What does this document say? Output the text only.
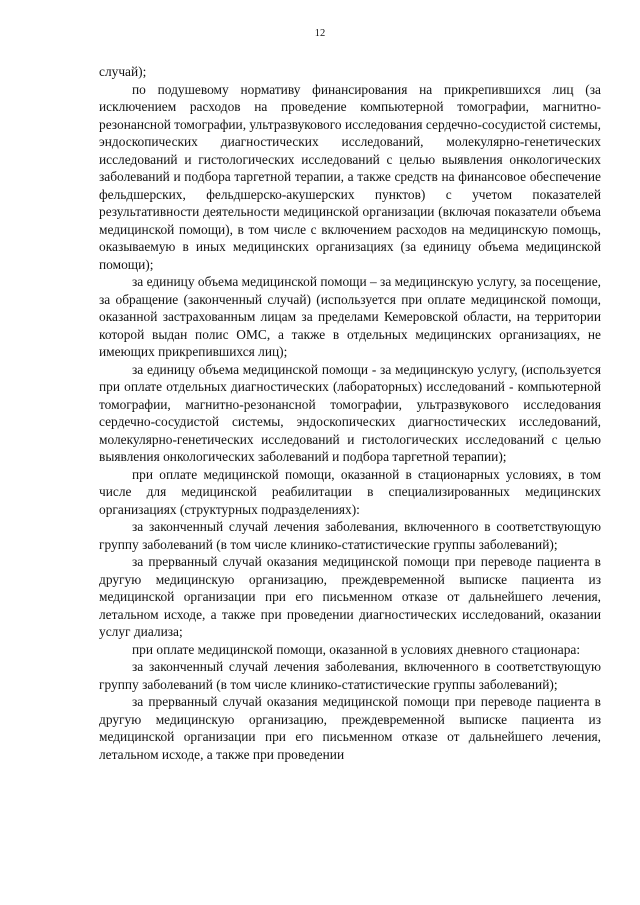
12

случай);

по подушевому нормативу финансирования на прикрепившихся лиц (за исключением расходов на проведение компьютерной томографии, магнитно-резонансной томографии, ультразвукового исследования сердечно-сосудистой системы, эндоскопических диагностических исследований, молекулярно-генетических исследований и гистологических исследований с целью выявления онкологических заболеваний и подбора таргетной терапии, а также средств на финансовое обеспечение фельдшерских, фельдшерско-акушерских пунктов) с учетом показателей результативности деятельности медицинской организации (включая показатели объема медицинской помощи), в том числе с включением расходов на медицинскую помощь, оказываемую в иных медицинских организациях (за единицу объема медицинской помощи);

за единицу объема медицинской помощи – за медицинскую услугу, за посещение, за обращение (законченный случай) (используется при оплате медицинской помощи, оказанной застрахованным лицам за пределами Кемеровской области, на территории которой выдан полис ОМС, а также в отдельных медицинских организациях, не имеющих прикрепившихся лиц);

за единицу объема медицинской помощи - за медицинскую услугу, (используется при оплате отдельных диагностических (лабораторных) исследований - компьютерной томографии, магнитно-резонансной томографии, ультразвукового исследования сердечно-сосудистой системы, эндоскопических диагностических исследований, молекулярно-генетических исследований и гистологических исследований с целью выявления онкологических заболеваний и подбора таргетной терапии);

при оплате медицинской помощи, оказанной в стационарных условиях, в том числе для медицинской реабилитации в специализированных медицинских организациях (структурных подразделениях):

за законченный случай лечения заболевания, включенного в соответствующую группу заболеваний (в том числе клинико-статистические группы заболеваний);

за прерванный случай оказания медицинской помощи при переводе пациента в другую медицинскую организацию, преждевременной выписке пациента из медицинской организации при его письменном отказе от дальнейшего лечения, летальном исходе, а также при проведении диагностических исследований, оказании услуг диализа;

при оплате медицинской помощи, оказанной в условиях дневного стационара:

за законченный случай лечения заболевания, включенного в соответствующую группу заболеваний (в том числе клинико-статистические группы заболеваний);

за прерванный случай оказания медицинской помощи при переводе пациента в другую медицинскую организацию, преждевременной выписке пациента из медицинской организации при его письменном отказе от дальнейшего лечения, летальном исходе, а также при проведении
